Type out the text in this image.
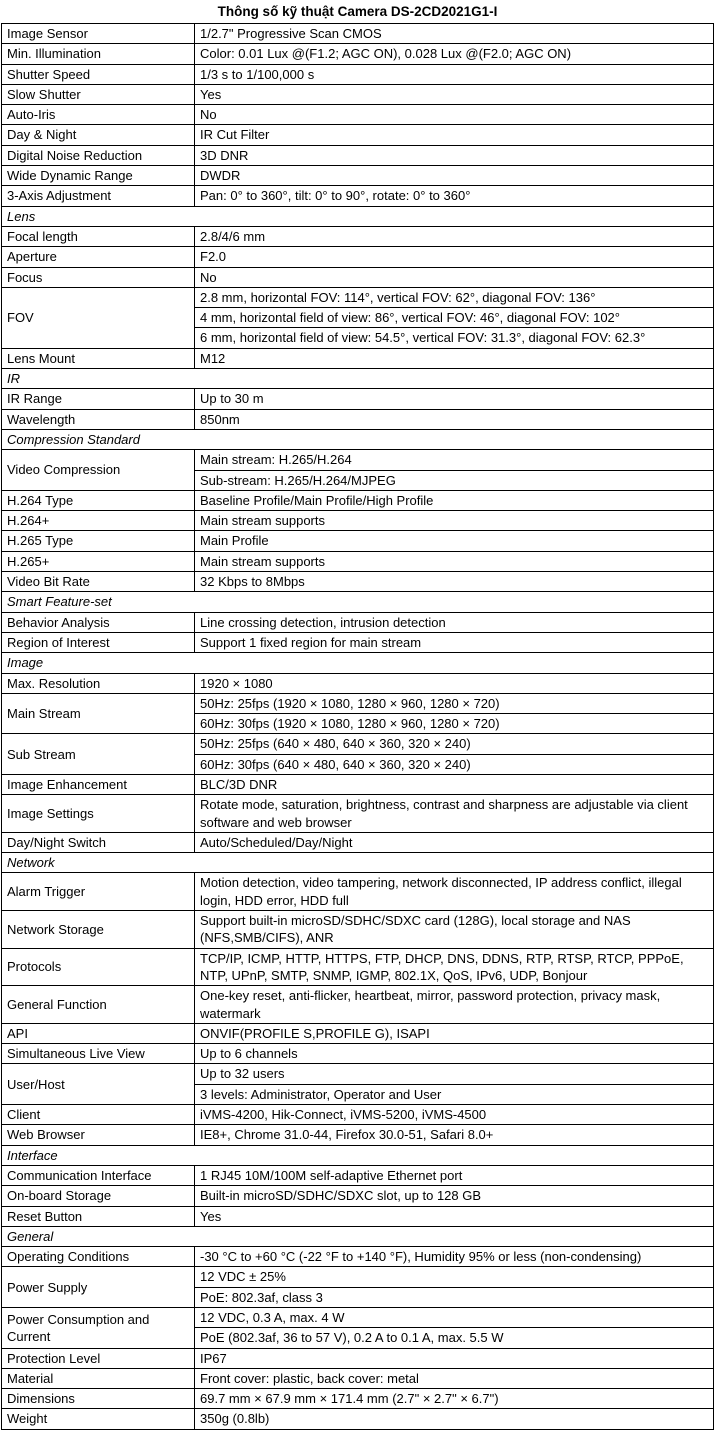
Thông số kỹ thuật Camera DS-2CD2021G1-I
Image Sensor	1/2.7" Progressive Scan CMOS
Min. Illumination	Color: 0.01 Lux @(F1.2; AGC ON), 0.028 Lux @(F2.0; AGC ON)
Shutter Speed	1/3 s to 1/100,000 s
Slow Shutter	Yes
Auto-Iris	No
Day & Night	IR Cut Filter
Digital Noise Reduction	3D DNR
Wide Dynamic Range	DWDR
3-Axis Adjustment	Pan: 0° to 360°, tilt: 0° to 90°, rotate: 0° to 360°
Lens	
Focal length	2.8/4/6 mm
Aperture	F2.0
Focus	No
FOV	2.8 mm, horizontal FOV: 114°, vertical FOV: 62°, diagonal FOV: 136°
	4 mm, horizontal field of view: 86°, vertical FOV: 46°, diagonal FOV: 102°
	6 mm, horizontal field of view: 54.5°, vertical FOV: 31.3°, diagonal FOV: 62.3°
Lens Mount	M12
IR	
IR Range	Up to 30 m
Wavelength	850nm
Compression Standard	
Video Compression	Main stream: H.265/H.264
	Sub-stream: H.265/H.264/MJPEG
H.264 Type	Baseline Profile/Main Profile/High Profile
H.264+	Main stream supports
H.265 Type	Main Profile
H.265+	Main stream supports
Video Bit Rate	32 Kbps to 8Mbps
Smart Feature-set	
Behavior Analysis	Line crossing detection, intrusion detection
Region of Interest	Support 1 fixed region for main stream
Image	
Max. Resolution	1920 × 1080
Main Stream	50Hz: 25fps (1920 × 1080, 1280 × 960, 1280 × 720)
	60Hz: 30fps (1920 × 1080, 1280 × 960, 1280 × 720)
Sub Stream	50Hz: 25fps (640 × 480, 640 × 360, 320 × 240)
	60Hz: 30fps (640 × 480, 640 × 360, 320 × 240)
Image Enhancement	BLC/3D DNR
Image Settings	Rotate mode, saturation, brightness, contrast and sharpness are adjustable via client software and web browser
Day/Night Switch	Auto/Scheduled/Day/Night
Network	
Alarm Trigger	Motion detection, video tampering, network disconnected, IP address conflict, illegal login, HDD error, HDD full
Network Storage	Support built-in microSD/SDHC/SDXC card (128G), local storage and NAS (NFS,SMB/CIFS), ANR
Protocols	TCP/IP, ICMP, HTTP, HTTPS, FTP, DHCP, DNS, DDNS, RTP, RTSP, RTCP, PPPoE, NTP, UPnP, SMTP, SNMP, IGMP, 802.1X, QoS, IPv6, UDP, Bonjour
General Function	One-key reset, anti-flicker, heartbeat, mirror, password protection, privacy mask, watermark
API	ONVIF(PROFILE S,PROFILE G), ISAPI
Simultaneous Live View	Up to 6 channels
User/Host	Up to 32 users
	3 levels: Administrator, Operator and User
Client	iVMS-4200, Hik-Connect, iVMS-5200, iVMS-4500
Web Browser	IE8+, Chrome 31.0-44, Firefox 30.0-51, Safari 8.0+
Interface	
Communication Interface	1 RJ45 10M/100M self-adaptive Ethernet port
On-board Storage	Built-in microSD/SDHC/SDXC slot, up to 128 GB
Reset Button	Yes
General	
Operating Conditions	-30 °C to +60 °C (-22 °F to +140 °F), Humidity 95% or less (non-condensing)
Power Supply	12 VDC ± 25%
	PoE: 802.3af, class 3
Power Consumption and Current	12 VDC, 0.3 A, max. 4 W
	PoE (802.3af, 36 to 57 V), 0.2 A to 0.1 A, max. 5.5 W
Protection Level	IP67
Material	Front cover: plastic, back cover: metal
Dimensions	69.7 mm × 67.9 mm × 171.4 mm (2.7" × 2.7" × 6.7")
Weight	350g (0.8lb)
